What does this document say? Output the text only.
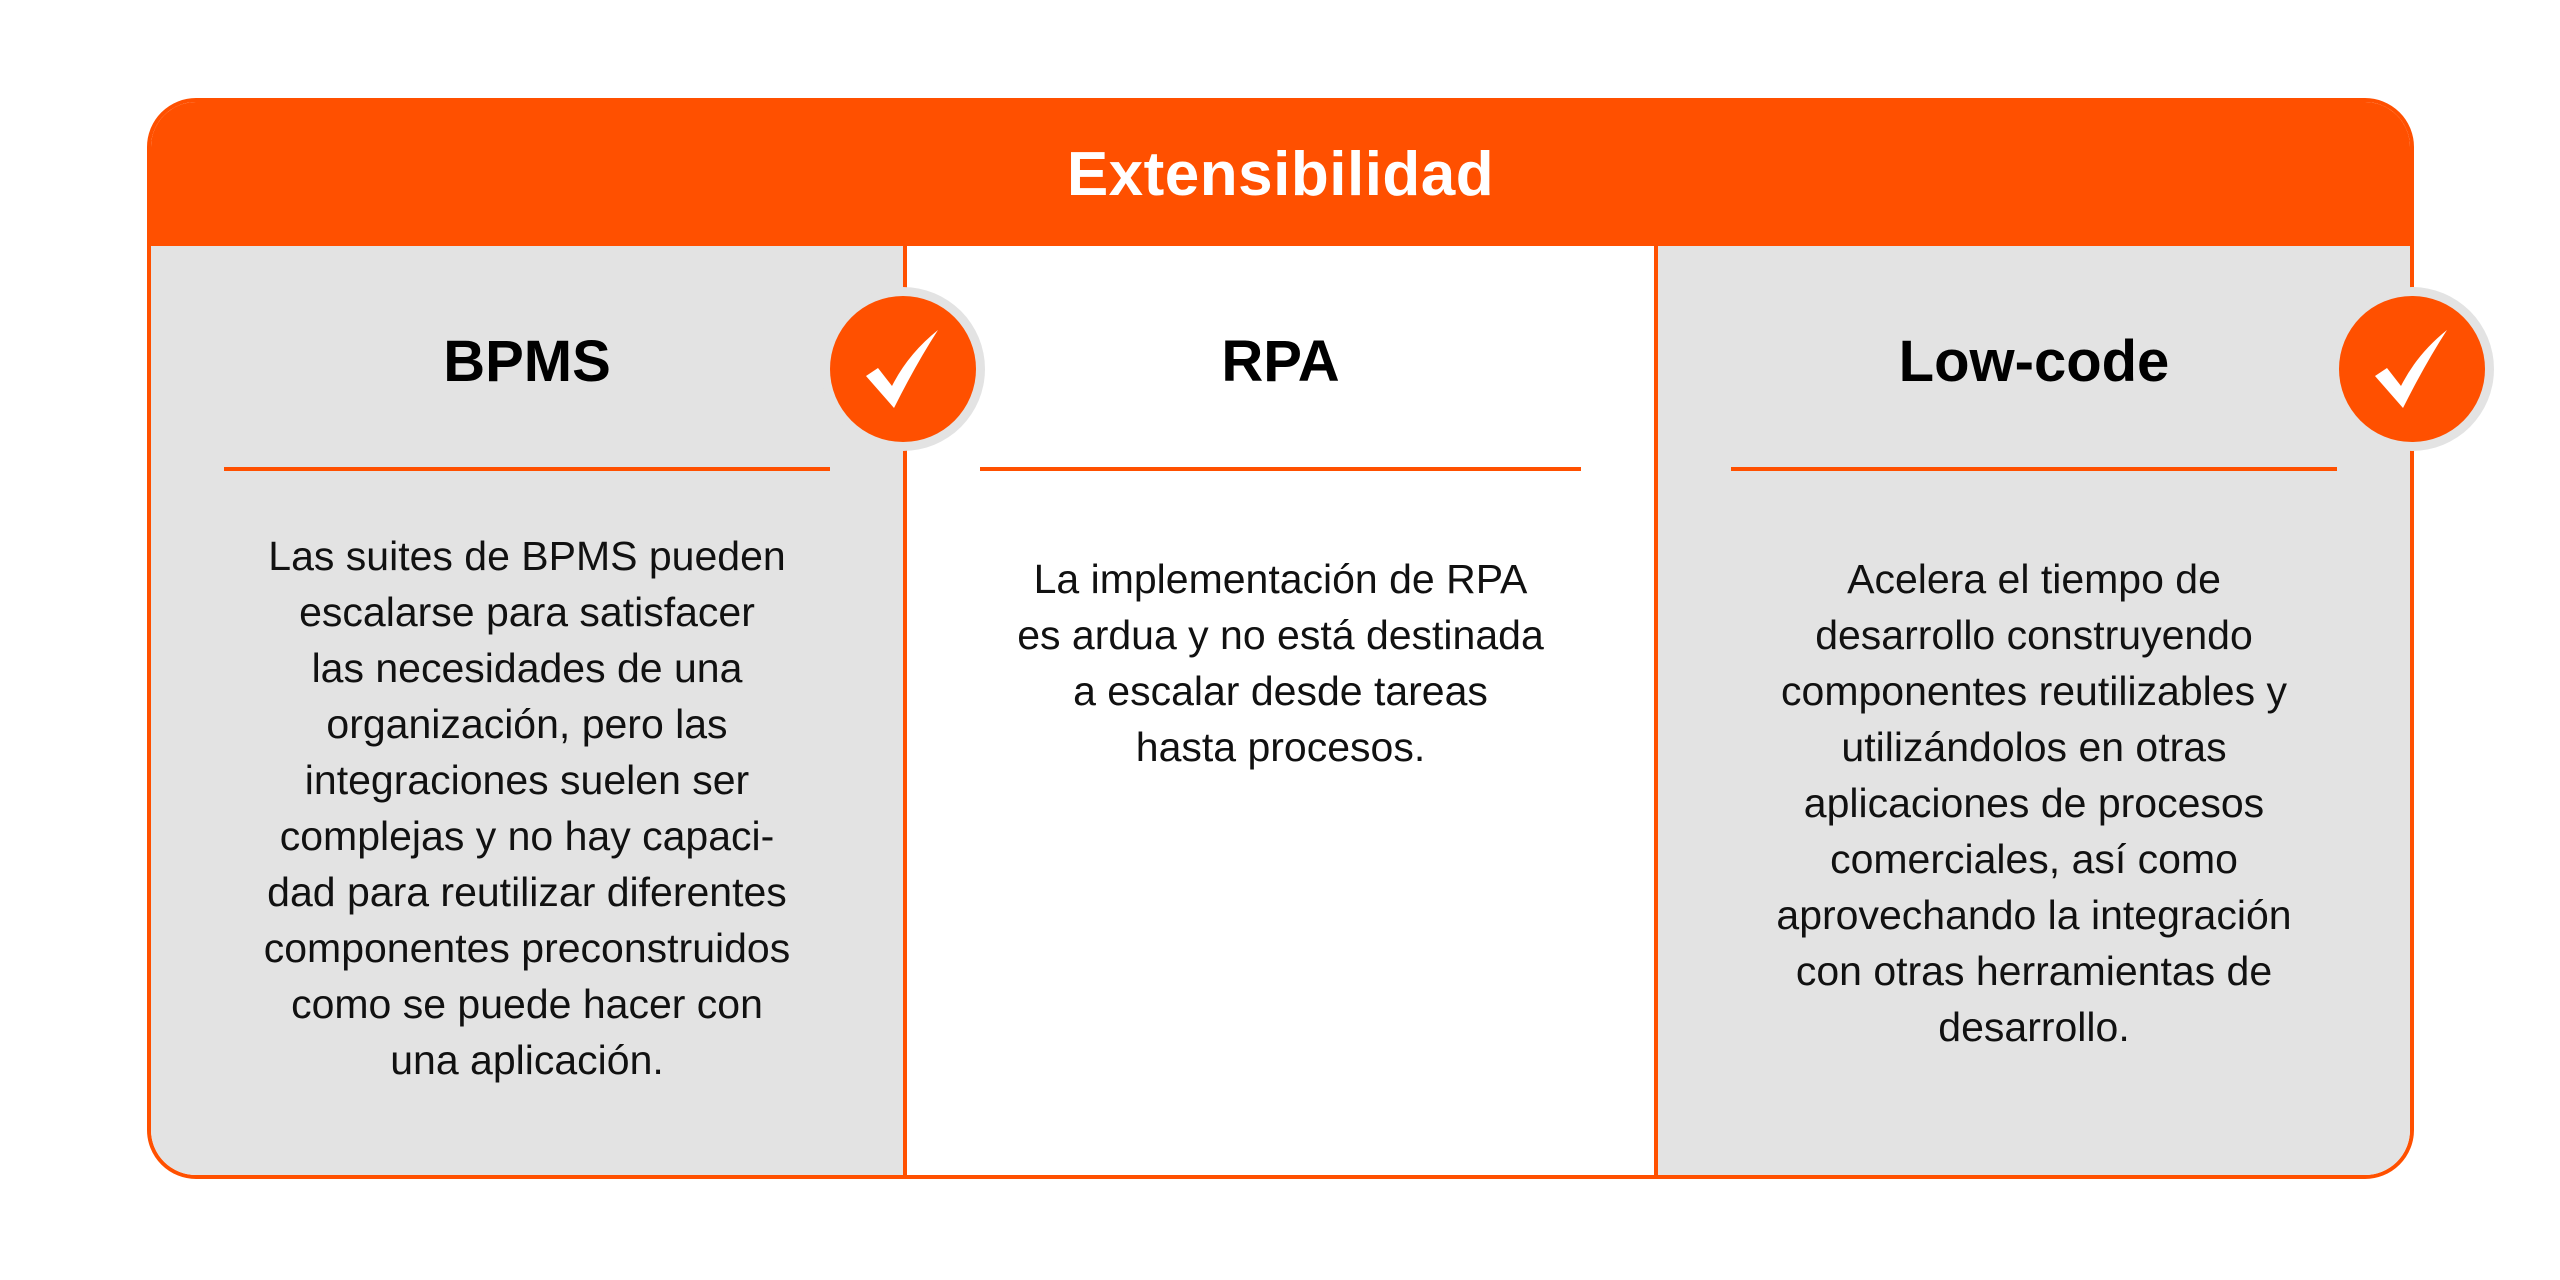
Extensibilidad
BPMS
Las suites de BPMS pueden
escalarse para satisfacer
las necesidades de una
organización, pero las
integraciones suelen ser
complejas y no hay capaci-
dad para reutilizar diferentes
componentes preconstruidos
como se puede hacer con
una aplicación.
RPA
La implementación de RPA
es ardua y no está destinada
a escalar desde tareas
hasta procesos.
Low-code
Acelera el tiempo de
desarrollo construyendo
componentes reutilizables y
utilizándolos en otras
aplicaciones de procesos
comerciales, así como
aprovechando la integración
con otras herramientas de
desarrollo.
